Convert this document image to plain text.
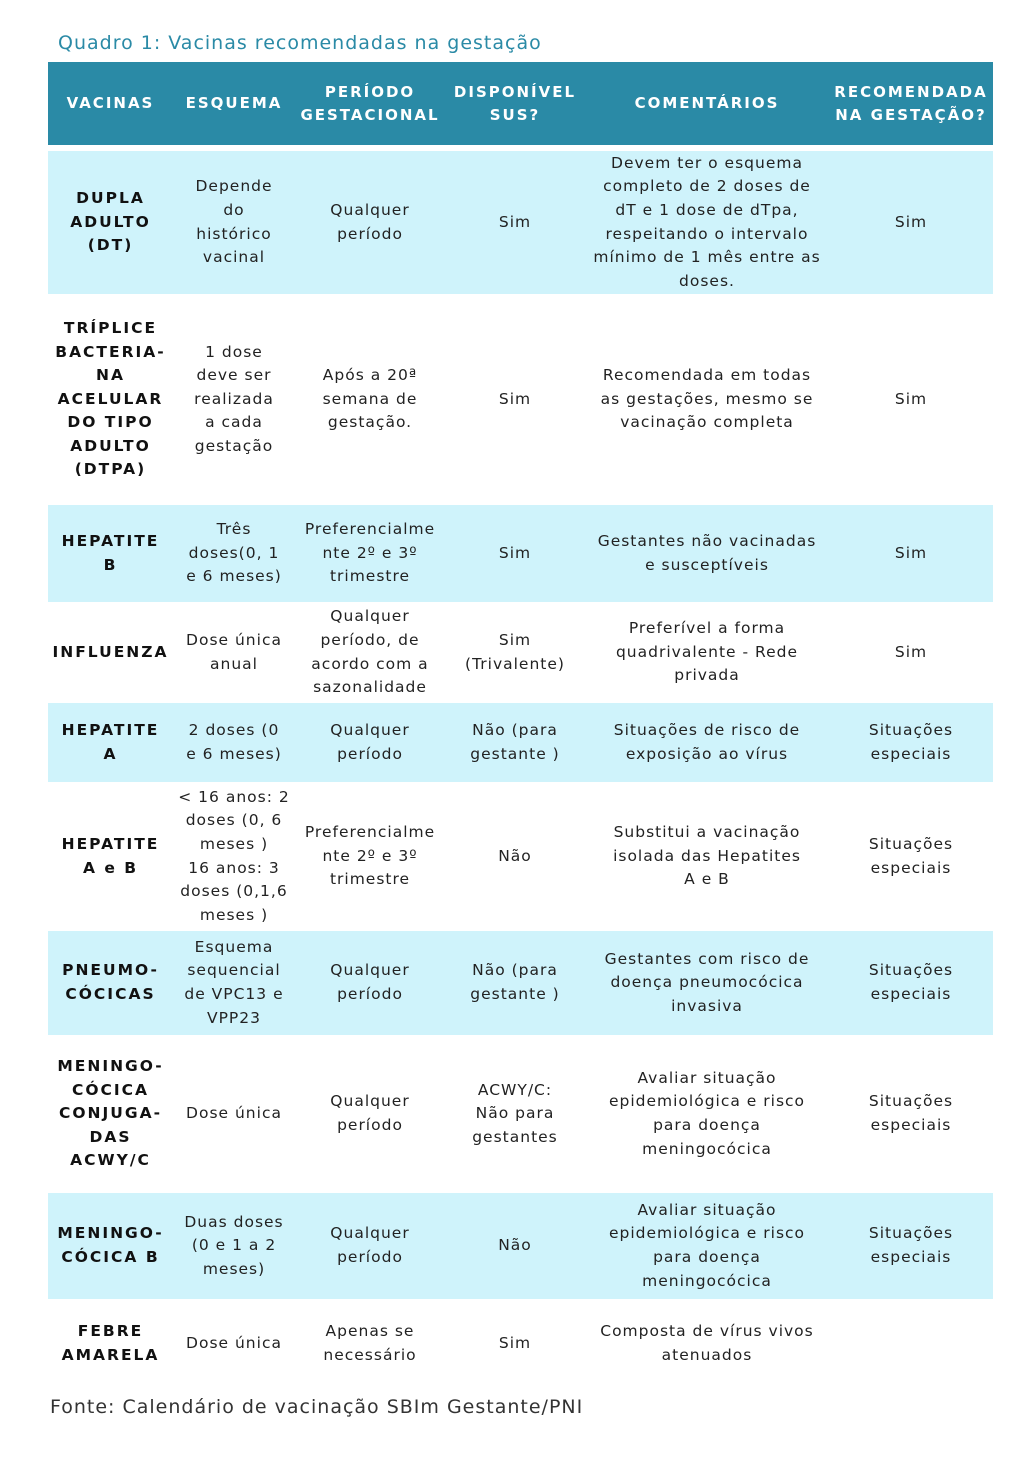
Quadro 1: Vacinas recomendadas na gestação
VACINAS	ESQUEMA
PERÍODO
GESTACIONAL
DISPONÍVEL
SUS?
COMENTÁRIOS
RECOMENDADA
NA GESTAÇÃO?
DUPLA
ADULTO
(DT)
Depende
do
histórico
vacinal
Qualquer
período
Sim
Devem ter o esquema
completo de 2 doses de
dT e 1 dose de dTpa,
respeitando o intervalo
mínimo de 1 mês entre as
doses.
Sim
TRÍPLICE
BACTERIA-
NA
ACELULAR
DO TIPO
ADULTO
(DTPA)
1 dose
deve ser
realizada
a cada
gestação
Após a 20ª
semana de
gestação.
Sim
Recomendada em todas
as gestações, mesmo se
vacinação completa
Sim
HEPATITE
B
Três
doses(0, 1
e 6 meses)
Preferencialme
nte 2º e 3º
trimestre
Sim
Gestantes não vacinadas
e susceptíveis
Sim
INFLUENZA
Dose única
anual
Qualquer
período, de
acordo com a
sazonalidade
Sim
(Trivalente)
Preferível a forma
quadrivalente - Rede
privada
Sim
HEPATITE
A
2 doses (0
e 6 meses)
Qualquer
período
Não (para
gestante )
Situações de risco de
exposição ao vírus
Situações
especiais
HEPATITE
A e B
< 16 anos: 2
doses (0, 6
meses )
16 anos: 3
doses (0,1,6
meses )
Preferencialme
nte 2º e 3º
trimestre
Não
Substitui a vacinação
isolada das Hepatites
A e B
Situações
especiais
PNEUMO-
CÓCICAS
Esquema
sequencial
de VPC13 e
VPP23
Qualquer
período
Não (para
gestante )
Gestantes com risco de
doença pneumocócica
invasiva
Situações
especiais
MENINGO-
CÓCICA
CONJUGA-
DAS
ACWY/C
Dose única
Qualquer
período
ACWY/C:
Não para
gestantes
Avaliar situação
epidemiológica e risco
para doença
meningocócica
Situações
especiais
MENINGO-
CÓCICA B
Duas doses
(0 e 1 a 2
meses)
Qualquer
período
Não
Avaliar situação
epidemiológica e risco
para doença
meningocócica
Situações
especiais
FEBRE
AMARELA
Dose única
Apenas se
necessário
Sim
Composta de vírus vivos
atenuados
Fonte: Calendário de vacinação SBIm Gestante/PNI
